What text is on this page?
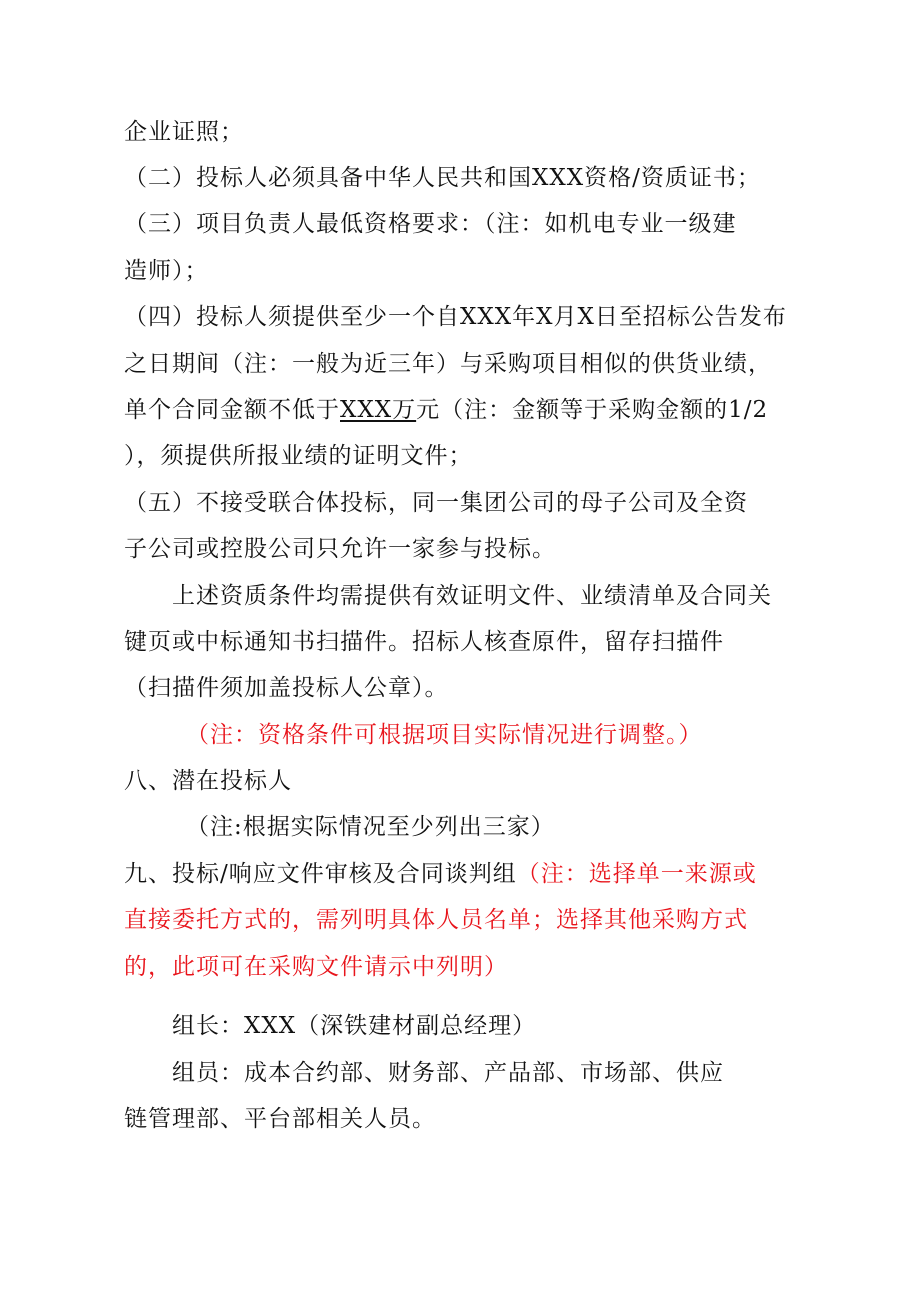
企业证照；
（二）投标人必须具备中华人民共和国XXX资格/资质证书；
（三）项目负责人最低资格要求：（注：如机电专业一级建
造师）；
（四）投标人须提供至少一个自XXX年X月X日至招标公告发布
之日期间（注：一般为近三年）与采购项目相似的供货业绩，
单个合同金额不低于XXX万元（注：金额等于采购金额的1/2
），须提供所报业绩的证明文件；
（五）不接受联合体投标，同一集团公司的母子公司及全资
子公司或控股公司只允许一家参与投标。
上述资质条件均需提供有效证明文件、业绩清单及合同关
键页或中标通知书扫描件。招标人核查原件，留存扫描件
（扫描件须加盖投标人公章）。
（注：资格条件可根据项目实际情况进行调整。）
八、潜在投标人
（注:根据实际情况至少列出三家）
九、投标/响应文件审核及合同谈判组（注：选择单一来源或
直接委托方式的，需列明具体人员名单；选择其他采购方式
的，此项可在采购文件请示中列明）
组长：XXX（深铁建材副总经理）
组员：成本合约部、财务部、产品部、市场部、供应
链管理部、平台部相关人员。
